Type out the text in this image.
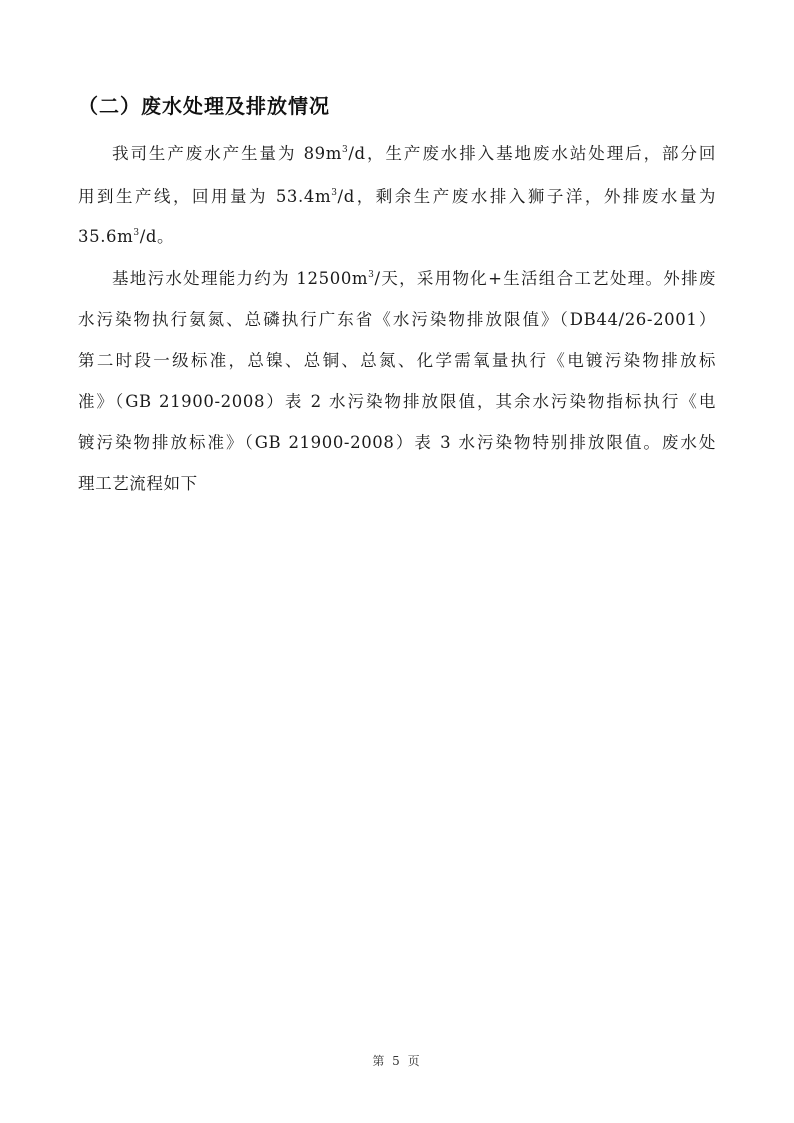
（二）废水处理及排放情况
我司生产废水产生量为 $89m^3/d$，生产废水排入基地废水站处理后，部分回
用到生产线，回用量为 $53.4m^3/d$，剩余生产废水排入狮子洋，外排废水量为
$35.6m^3/d$。
基地污水处理能力约为 $12500m^3/$天，采用物化+生活组合工艺处理。外排废
水污染物执行氨氮、总磷执行广东省《水污染物排放限值》（DB44/26-2001）
第二时段一级标准，总镍、总铜、总氮、化学需氧量执行《电镀污染物排放标
准》（GB 21900-2008）表 2 水污染物排放限值，其余水污染物指标执行《电
镀污染物排放标准》（GB 21900-2008）表 3 水污染物特别排放限值。废水处
理工艺流程如下
第 5 页
